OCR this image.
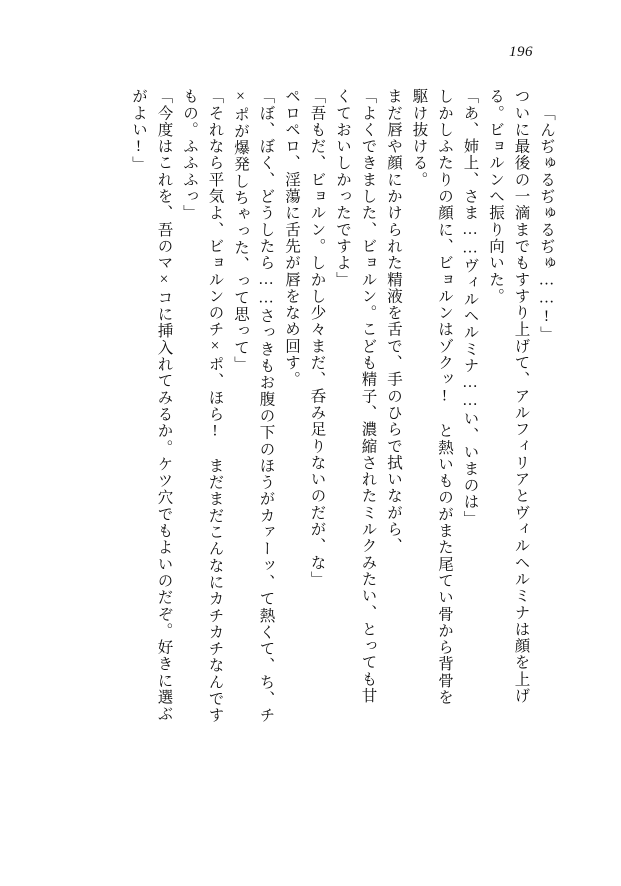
196
「んぢゅるぢゅるぢゅ……!」
ついに最後の一滴までもすすり上げて、アルフィリアとヴィルヘルミナは顔を上げ
る。ビョルンへ振り向いた。
「あ、姉上、さま……ヴィルヘルミナ……い、いまのは」
しかしふたりの顔に、ビョルンはゾクッ!　と熱いものがまた尾てい骨から背骨を
駆け抜ける。
まだ唇や顔にかけられた精液を舌で、手のひらで拭いながら、
「よくできました、ビョルン。こども精子、濃縮されたミルクみたい、とっても甘
くておいしかったですよ」
「吾もだ、ビョルン。しかし少々まだ、呑み足りないのだが、な」
ペロペロ、淫蕩に舌先が唇をなめ回す。
「ぼ、ぼく、どうしたら……さっきもお腹の下のほうがカァーッ、て熱くて、ち、チ
×ポが爆発しちゃった、って思って」
「それなら平気よ、ビョルンのチ×ポ、ほら!　まだまだこんなにカチカチなんです
もの。ふふふっ」
「今度はこれを、吾のマ×コに挿入れてみるか。ケツ穴でもよいのだぞ。好きに選ぶ
がよい!」
